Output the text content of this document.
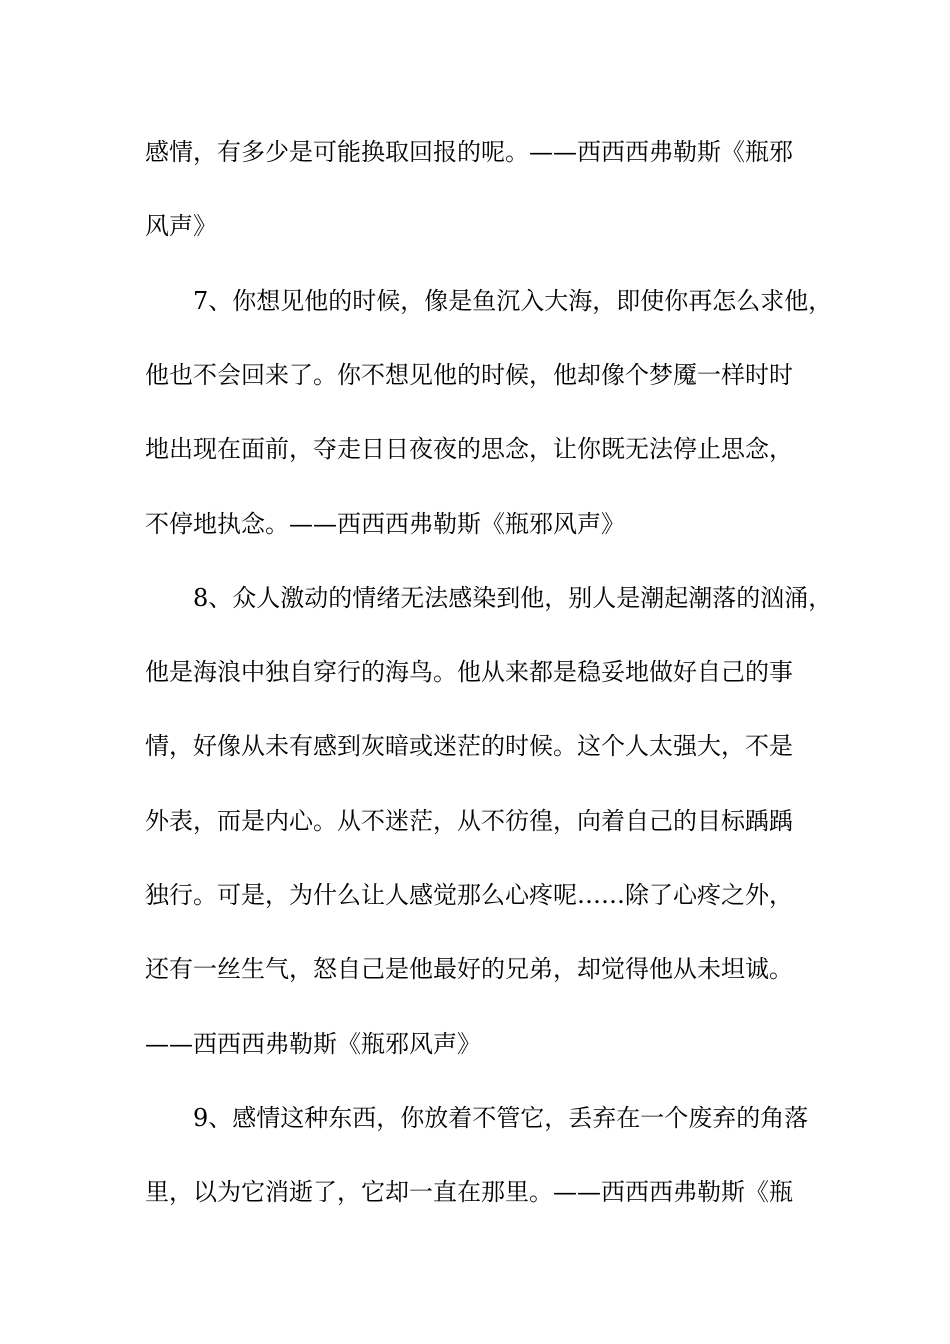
感情，有多少是可能换取回报的呢。——西西西弗勒斯《瓶邪
风声》
7、你想见他的时候，像是鱼沉入大海，即使你再怎么求他，
他也不会回来了。你不想见他的时候，他却像个梦魇一样时时
地出现在面前，夺走日日夜夜的思念，让你既无法停止思念，
不停地执念。——西西西弗勒斯《瓶邪风声》
8、众人激动的情绪无法感染到他，别人是潮起潮落的汹涌，
他是海浪中独自穿行的海鸟。他从来都是稳妥地做好自己的事
情，好像从未有感到灰暗或迷茫的时候。这个人太强大，不是
外表，而是内心。从不迷茫，从不彷徨，向着自己的目标踽踽
独行。可是，为什么让人感觉那么心疼呢……除了心疼之外，
还有一丝生气，怒自己是他最好的兄弟，却觉得他从未坦诚。
——西西西弗勒斯《瓶邪风声》
9、感情这种东西，你放着不管它，丢弃在一个废弃的角落
里，以为它消逝了，它却一直在那里。——西西西弗勒斯《瓶
